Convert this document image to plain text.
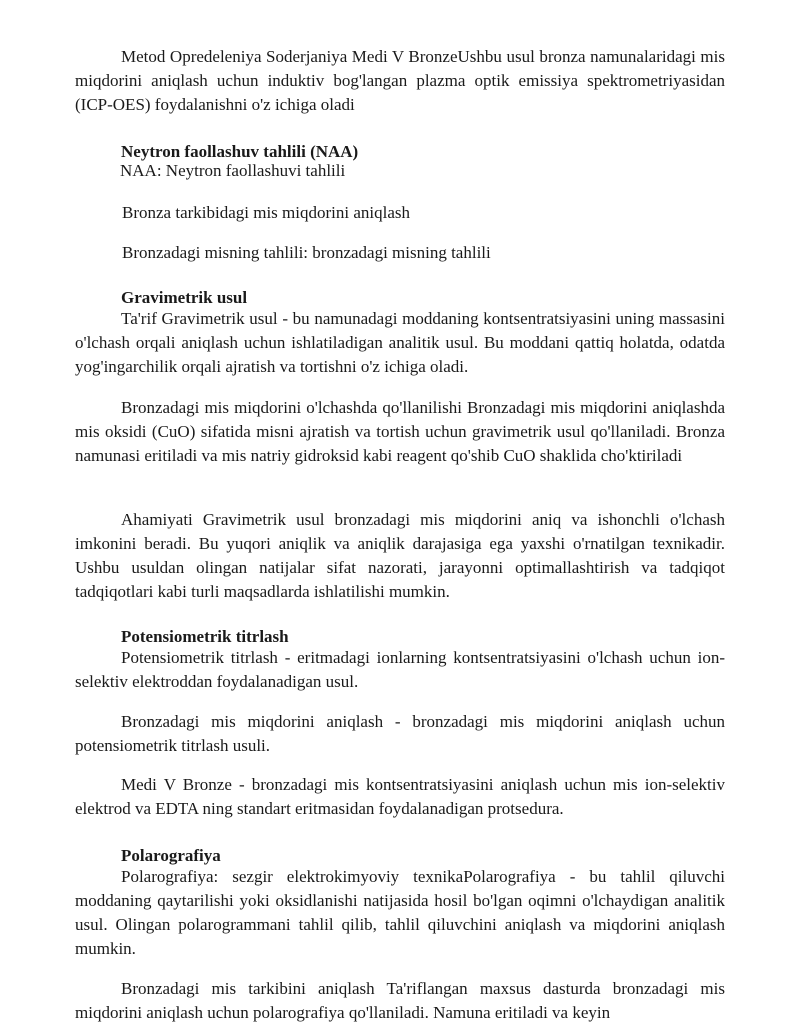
Metod Opredeleniya Soderjaniya Medi V BronzeUshbu usul bronza namunalaridagi mis miqdorini aniqlash uchun induktiv bog'langan plazma optik emissiya spektrometriyasidan (ICP-OES) foydalanishni o'z ichiga oladi

Neytron faollashuv tahlili (NAA)

NAA: Neytron faollashuvi tahlili

Bronza tarkibidagi mis miqdorini aniqlash

Bronzadagi misning tahlili: bronzadagi misning tahlili

Gravimetrik usul

Ta'rif Gravimetrik usul - bu namunadagi moddaning kontsentratsiyasini uning massasini o'lchash orqali aniqlash uchun ishlatiladigan analitik usul. Bu moddani qattiq holatda, odatda yog'ingarchilik orqali ajratish va tortishni o'z ichiga oladi.

Bronzadagi mis miqdorini o'lchashda qo'llanilishi Bronzadagi mis miqdorini aniqlashda mis oksidi (CuO) sifatida misni ajratish va tortish uchun gravimetrik usul qo'llaniladi. Bronza namunasi eritiladi va mis natriy gidroksid kabi reagent qo'shib CuO shaklida cho'ktiriladi

Ahamiyati Gravimetrik usul bronzadagi mis miqdorini aniq va ishonchli o'lchash imkonini beradi. Bu yuqori aniqlik va aniqlik darajasiga ega yaxshi o'rnatilgan texnikadir. Ushbu usuldan olingan natijalar sifat nazorati, jarayonni optimallashtirish va tadqiqot tadqiqotlari kabi turli maqsadlarda ishlatilishi mumkin.

Potensiometrik titrlash

Potensiometrik titrlash - eritmadagi ionlarning kontsentratsiyasini o'lchash uchun ion-selektiv elektroddan foydalanadigan usul.

Bronzadagi mis miqdorini aniqlash - bronzadagi mis miqdorini aniqlash uchun potensiometrik titrlash usuli.

Medi V Bronze - bronzadagi mis kontsentratsiyasini aniqlash uchun mis ion-selektiv elektrod va EDTA ning standart eritmasidan foydalanadigan protsedura.

Polarografiya

Polarografiya: sezgir elektrokimyoviy texnikaPolarografiya - bu tahlil qiluvchi moddaning qaytarilishi yoki oksidlanishi natijasida hosil bo'lgan oqimni o'lchaydigan analitik usul. Olingan polarogrammani tahlil qilib, tahlil qiluvchini aniqlash va miqdorini aniqlash mumkin.

Bronzadagi mis tarkibini aniqlash Ta'riflangan maxsus dasturda bronzadagi mis miqdorini aniqlash uchun polarografiya qo'llaniladi. Namuna eritiladi va keyin
